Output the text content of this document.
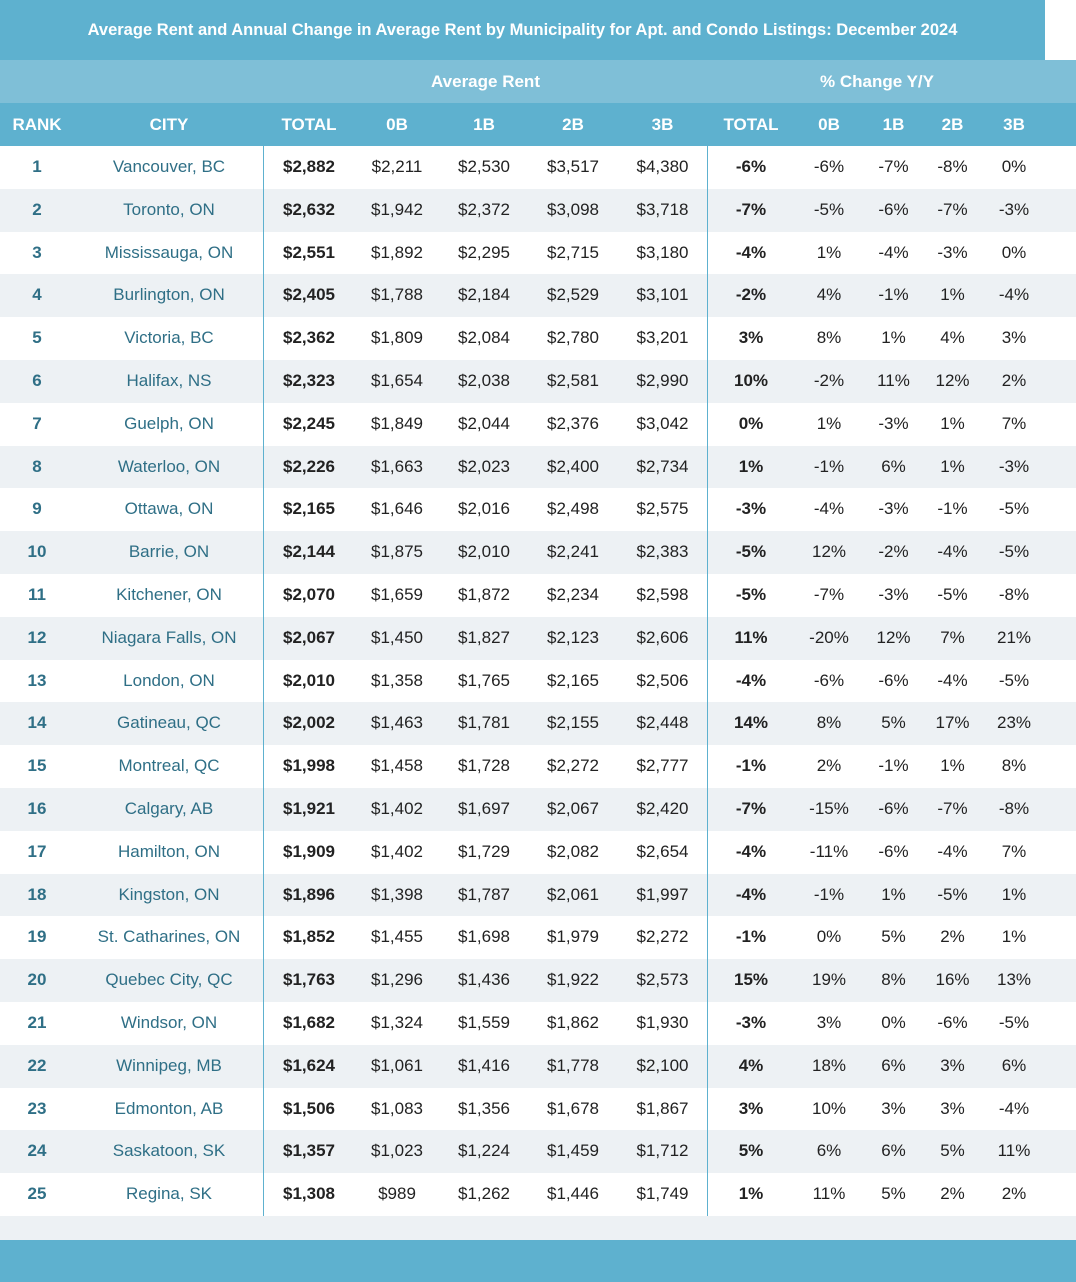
Average Rent and Annual Change in Average Rent by Municipality for Apt. and Condo Listings: December 2024
Average Rent	% Change Y/Y
RANK	CITY	TOTAL	0B	1B	2B	3B	TOTAL	0B	1B	2B	3B
1	Vancouver, BC	$2,882	$2,211	$2,530	$3,517	$4,380	-6%	-6%	-7%	-8%	0%
2	Toronto, ON	$2,632	$1,942	$2,372	$3,098	$3,718	-7%	-5%	-6%	-7%	-3%
3	Mississauga, ON	$2,551	$1,892	$2,295	$2,715	$3,180	-4%	1%	-4%	-3%	0%
4	Burlington, ON	$2,405	$1,788	$2,184	$2,529	$3,101	-2%	4%	-1%	1%	-4%
5	Victoria, BC	$2,362	$1,809	$2,084	$2,780	$3,201	3%	8%	1%	4%	3%
6	Halifax, NS	$2,323	$1,654	$2,038	$2,581	$2,990	10%	-2%	11%	12%	2%
7	Guelph, ON	$2,245	$1,849	$2,044	$2,376	$3,042	0%	1%	-3%	1%	7%
8	Waterloo, ON	$2,226	$1,663	$2,023	$2,400	$2,734	1%	-1%	6%	1%	-3%
9	Ottawa, ON	$2,165	$1,646	$2,016	$2,498	$2,575	-3%	-4%	-3%	-1%	-5%
10	Barrie, ON	$2,144	$1,875	$2,010	$2,241	$2,383	-5%	12%	-2%	-4%	-5%
11	Kitchener, ON	$2,070	$1,659	$1,872	$2,234	$2,598	-5%	-7%	-3%	-5%	-8%
12	Niagara Falls, ON	$2,067	$1,450	$1,827	$2,123	$2,606	11%	-20%	12%	7%	21%
13	London, ON	$2,010	$1,358	$1,765	$2,165	$2,506	-4%	-6%	-6%	-4%	-5%
14	Gatineau, QC	$2,002	$1,463	$1,781	$2,155	$2,448	14%	8%	5%	17%	23%
15	Montreal, QC	$1,998	$1,458	$1,728	$2,272	$2,777	-1%	2%	-1%	1%	8%
16	Calgary, AB	$1,921	$1,402	$1,697	$2,067	$2,420	-7%	-15%	-6%	-7%	-8%
17	Hamilton, ON	$1,909	$1,402	$1,729	$2,082	$2,654	-4%	-11%	-6%	-4%	7%
18	Kingston, ON	$1,896	$1,398	$1,787	$2,061	$1,997	-4%	-1%	1%	-5%	1%
19	St. Catharines, ON	$1,852	$1,455	$1,698	$1,979	$2,272	-1%	0%	5%	2%	1%
20	Quebec City, QC	$1,763	$1,296	$1,436	$1,922	$2,573	15%	19%	8%	16%	13%
21	Windsor, ON	$1,682	$1,324	$1,559	$1,862	$1,930	-3%	3%	0%	-6%	-5%
22	Winnipeg, MB	$1,624	$1,061	$1,416	$1,778	$2,100	4%	18%	6%	3%	6%
23	Edmonton, AB	$1,506	$1,083	$1,356	$1,678	$1,867	3%	10%	3%	3%	-4%
24	Saskatoon, SK	$1,357	$1,023	$1,224	$1,459	$1,712	5%	6%	6%	5%	11%
25	Regina, SK	$1,308	$989	$1,262	$1,446	$1,749	1%	11%	5%	2%	2%
